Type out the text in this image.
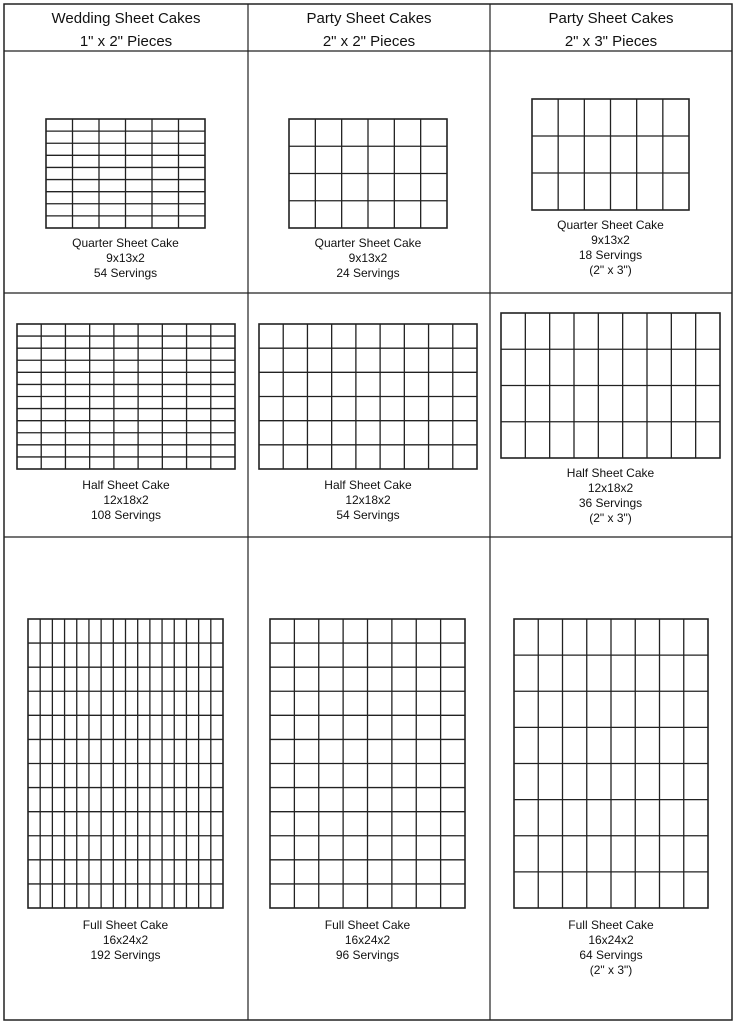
Wedding Sheet Cakes
1" x 2" Pieces
Party Sheet Cakes
2" x 2" Pieces
Party Sheet Cakes
2" x 3" Pieces
Quarter Sheet Cake
9x13x2
54 Servings
Quarter Sheet Cake
9x13x2
24 Servings
Quarter Sheet Cake
9x13x2
18 Servings
(2" x 3")
Half Sheet Cake
12x18x2
108 Servings
Half Sheet Cake
12x18x2
54 Servings
Half Sheet Cake
12x18x2
36 Servings
(2" x 3")
Full Sheet Cake
16x24x2
192 Servings
Full Sheet Cake
16x24x2
96 Servings
Full Sheet Cake
16x24x2
64 Servings
(2" x 3")
